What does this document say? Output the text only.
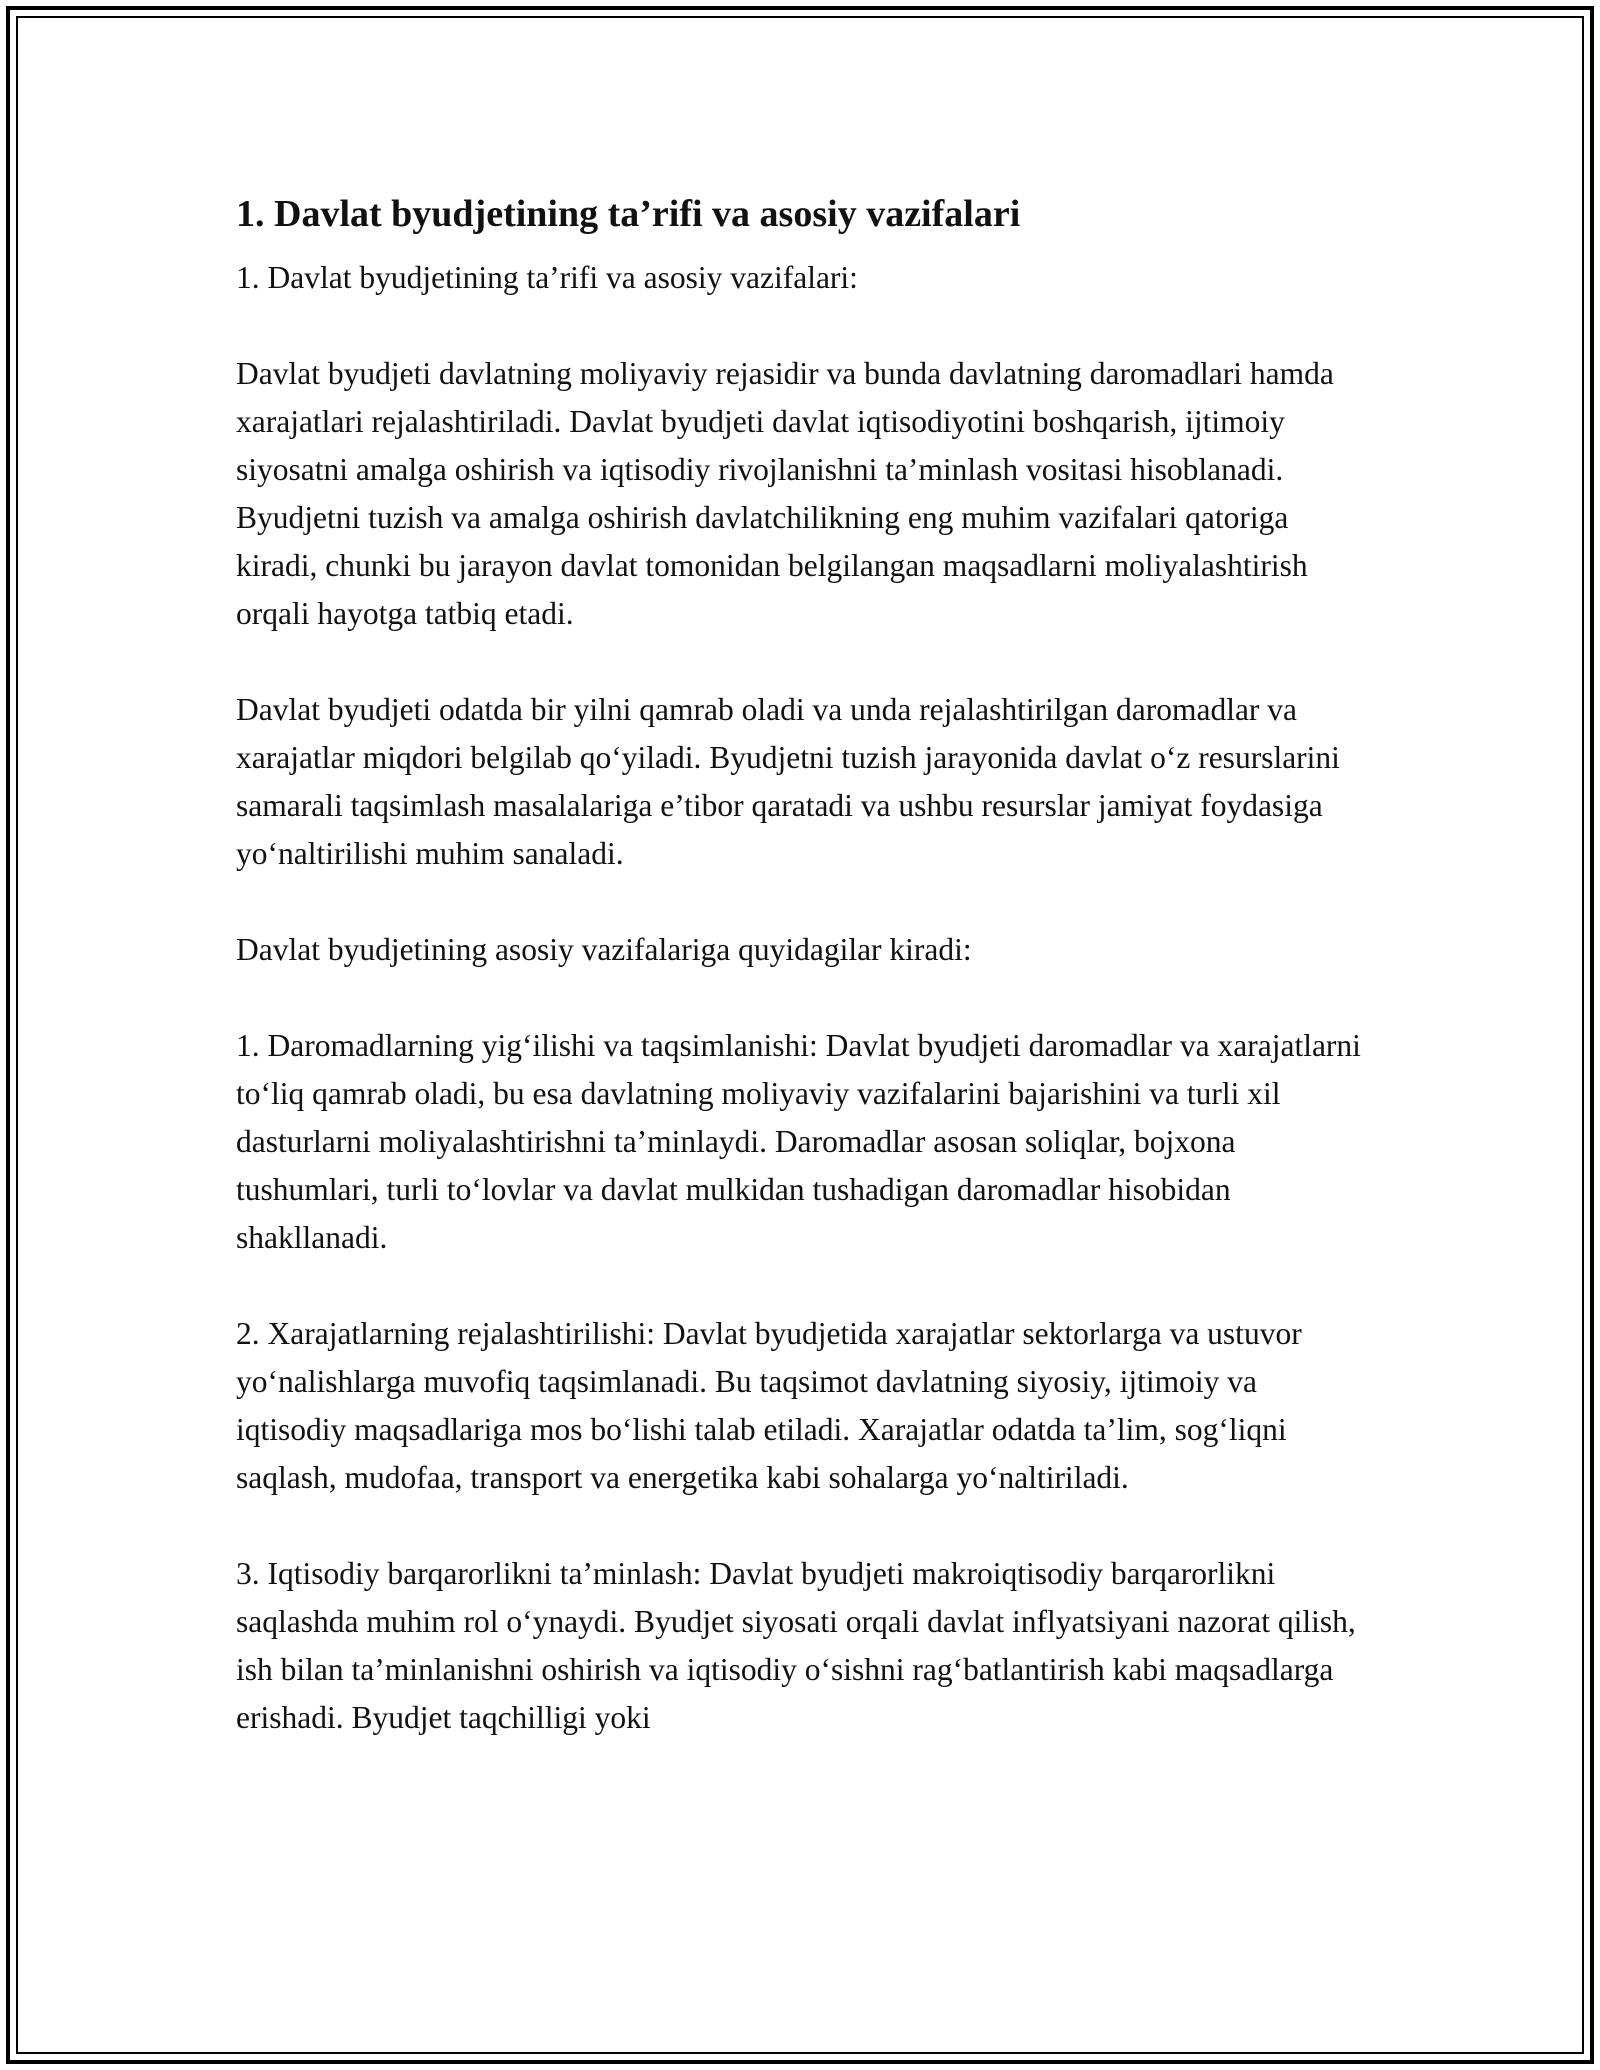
1. Davlat byudjetining ta’rifi va asosiy vazifalari

1. Davlat byudjetining ta’rifi va asosiy vazifalari:

Davlat byudjeti davlatning moliyaviy rejasidir va bunda davlatning daromadlari hamda xarajatlari rejalashtiriladi. Davlat byudjeti davlat iqtisodiyotini boshqarish, ijtimoiy siyosatni amalga oshirish va iqtisodiy rivojlanishni ta’minlash vositasi hisoblanadi. Byudjetni tuzish va amalga oshirish davlatchilikning eng muhim vazifalari qatoriga kiradi, chunki bu jarayon davlat tomonidan belgilangan maqsadlarni moliyalashtirish orqali hayotga tatbiq etadi.

Davlat byudjeti odatda bir yilni qamrab oladi va unda rejalashtirilgan daromadlar va xarajatlar miqdori belgilab qo‘yiladi. Byudjetni tuzish jarayonida davlat o‘z resurslarini samarali taqsimlash masalalariga e’tibor qaratadi va ushbu resurslar jamiyat foydasiga yo‘naltirilishi muhim sanaladi.

Davlat byudjetining asosiy vazifalariga quyidagilar kiradi:

1. Daromadlarning yig‘ilishi va taqsimlanishi: Davlat byudjeti daromadlar va xarajatlarni to‘liq qamrab oladi, bu esa davlatning moliyaviy vazifalarini bajarishini va turli xil dasturlarni moliyalashtirishni ta’minlaydi. Daromadlar asosan soliqlar, bojxona tushumlari, turli to‘lovlar va davlat mulkidan tushadigan daromadlar hisobidan shakllanadi.

2. Xarajatlarning rejalashtirilishi: Davlat byudjetida xarajatlar sektorlarga va ustuvor yo‘nalishlarga muvofiq taqsimlanadi. Bu taqsimot davlatning siyosiy, ijtimoiy va iqtisodiy maqsadlariga mos bo‘lishi talab etiladi. Xarajatlar odatda ta’lim, sog‘liqni saqlash, mudofaa, transport va energetika kabi sohalarga yo‘naltiriladi.

3. Iqtisodiy barqarorlikni ta’minlash: Davlat byudjeti makroiqtisodiy barqarorlikni saqlashda muhim rol o‘ynaydi. Byudjet siyosati orqali davlat inflyatsiyani nazorat qilish, ish bilan ta’minlanishni oshirish va iqtisodiy o‘sishni rag‘batlantirish kabi maqsadlarga erishadi. Byudjet taqchilligi yoki
